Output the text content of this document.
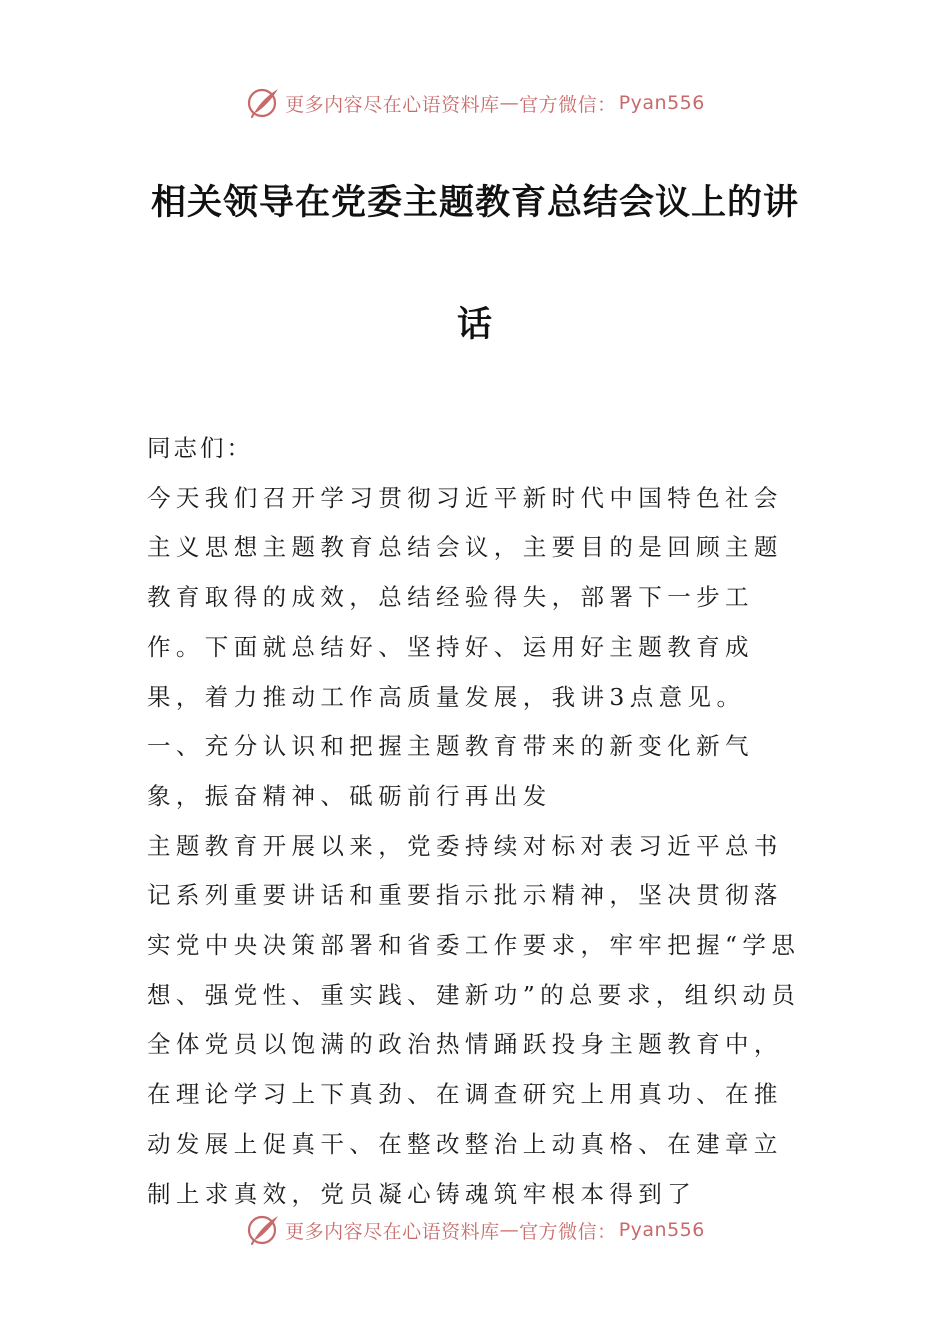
更多内容尽在心语资料库 — 官方微信： Pyan556
相关领导在党委主题教育总结会议上的讲
话

同志们：

今天我们召开学习贯彻习近平新时代中国特色社会主义思想主题教育总结会议，主要目的是回顾主题教育取得的成效，总结经验得失，部署下一步工作。下面就总结好、坚持好、运用好主题教育成果，着力推动工作高质量发展，我讲3点意见。

一、充分认识和把握主题教育带来的新变化新气象，振奋精神、砥砺前行再出发

主题教育开展以来，党委持续对标对表习近平总书记系列重要讲话和重要指示批示精神，坚决贯彻落实党中央决策部署和省委工作要求，牢牢把握“学思想、强党性、重实践、建新功”的总要求，组织动员全体党员以饱满的政治热情踊跃投身主题教育中，在理论学习上下真劲、在调查研究上用真功、在推动发展上促真干、在整改整治上动真格、在建章立制上求真效，党员凝心铸魂筑牢根本得到了

更多内容尽在心语资料库 — 官方微信： Pyan556
